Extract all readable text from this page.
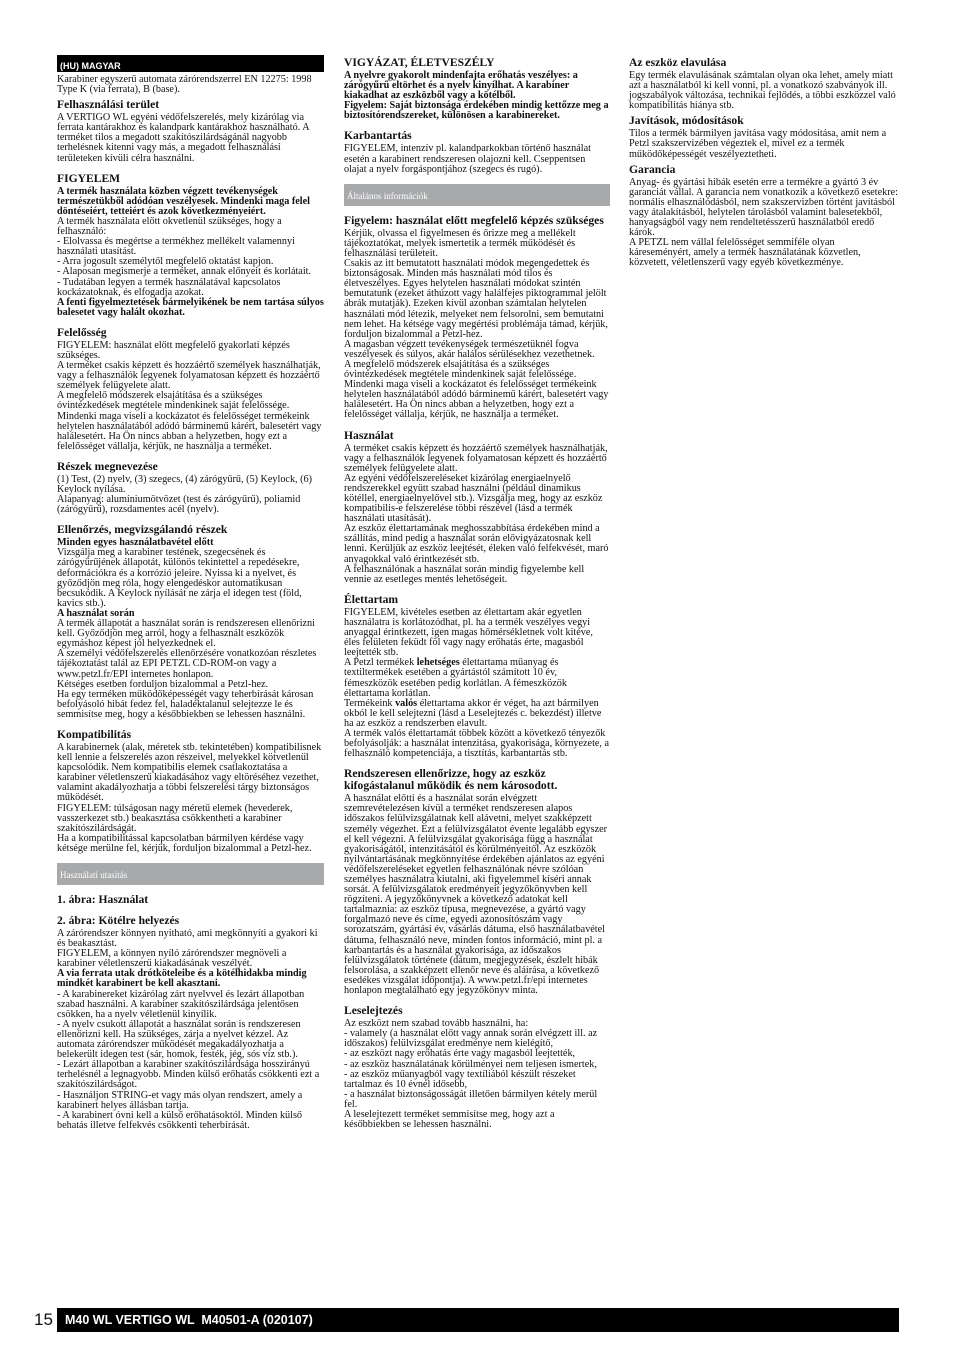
(HU) MAGYAR

Karabiner egyszerű automata zárórendszerrel EN 12275: 1998 Type K (via ferrata), B (base).

Felhasználási terület

A VERTIGO WL egyéni védőfelszerelés, mely kizárólag via ferrata kantárakhoz és kalandpark kantárakhoz használható. A terméket tilos a megadott szakítószilárdságánál nagyobb terhelésnek kitenni vagy más, a megadott felhasználási területeken kívüli célra használni.

FIGYELEM

A termék használata közben végzett tevékenységek természetükből adódóan veszélyesek. Mindenki maga felel döntéseiért, tetteiért és azok következményeiért.

A termék használata előtt okvetlenül szükséges, hogy a felhasználó:
- Elolvassa és megértse a termékhez mellékelt valamennyi használati utasítást.
- Arra jogosult személytől megfelelő oktatást kapjon.
- Alaposan megismerje a terméket, annak előnyeit és korlátait.
- Tudatában legyen a termék használatával kapcsolatos kockázatoknak, és elfogadja azokat.

A fenti figyelmeztetések bármelyikének be nem tartása súlyos balesetet vagy halált okozhat.

Felelősség

FIGYELEM: használat előtt megfelelő gyakorlati képzés szükséges.
A terméket csakis képzett és hozzáértő személyek használhatják, vagy a felhasználók legyenek folyamatosan képzett és hozzáértő személyek felügyelete alatt.
A megfelelő módszerek elsajátítása és a szükséges óvintézkedések megtétele mindenkinek saját felelőssége.
Mindenki maga viseli a kockázatot és felelősséget termékeink helytelen használatából adódó bárminemű kárért, balesetért vagy halálesetért. Ha Ön nincs abban a helyzetben, hogy ezt a felelősséget vállalja, kérjük, ne használja a terméket.

Részek megnevezése

(1) Test, (2) nyelv, (3) szegecs, (4) zárógyűrű, (5) Keylock, (6) Keylock nyílása.
Alapanyag: alumíniumötvözet (test és zárógyűrű), poliamid (zárógyűrű), rozsdamentes acél (nyelv).

Ellenőrzés, megvizsgálandó részek

Minden egyes használatbavétel előtt

Vizsgálja meg a karabiner testének, szegecsének és zárógyűrűjének állapotát, különös tekintettel a repedésekre, deformációkra és a korrózió jeleire. Nyissa ki a nyelvet, és győződjön meg róla, hogy elengedéskor automatikusan becsukódik. A Keylock nyílását ne zárja el idegen test (föld, kavics stb.).

A használat során

A termék állapotát a használat során is rendszeresen ellenőrizni kell. Győződjön meg arról, hogy a felhasznált eszközök egymáshoz képest jól helyezkednek el.
A személyi védőfelszerelés ellenőrzésére vonatkozóan részletes tájékoztatást talál az EPI PETZL CD-ROM-on vagy a www.petzl.fr/EPI internetes honlapon.
Kétséges esetben forduljon bizalommal a Petzl-hez.
Ha egy terméken működőképességét vagy teherbírását károsan befolyásoló hibát fedez fel, haladéktalanul selejtezze le és semmisítse meg, hogy a későbbiekben se lehessen használni.

Kompatibilitás

A karabinernek (alak, méretek stb. tekintetében) kompatibilisnek kell lennie a felszerelés azon részeivel, melyekkel kötvetlenül kapcsolódik. Nem kompatibilis elemek csatlakoztatása a karabiner véletlenszerű kiakadásához vagy eltöréséhez vezethet, valamint akadályozhatja a többi felszerelési tárgy biztonságos működését.
FIGYELEM: túlságosan nagy méretű elemek (hevederek, vasszerkezet stb.) beakasztása csökkentheti a karabiner szakítószilárdságát.
Ha a kompatibilitással kapcsolatban bármilyen kérdése vagy kétsége merülne fel, kérjük, forduljon bizalommal a Petzl-hez.

Használati utasítás
1. ábra: Használat
2. ábra: Kötélre helyezés

A zárórendszer könnyen nyitható, ami megkönnyíti a gyakori ki és beakasztást.
FIGYELEM, a könnyen nyíló zárórendszer megnöveli a karabiner véletlenszerű kiakadásának veszélyét.

A via ferrata utak drótköteleibe és a kötélhidakba mindig mindkét karabinert be kell akasztani.

- A karabinereket kizárólag zárt nyelvvel és lezárt állapotban szabad használni. A karabiner szakítószilárdsága jelentősen csökken, ha a nyelv véletlenül kinyílik.
- A nyelv csukott állapotát a használat során is rendszeresen ellenőrizni kell. Ha szükséges, zárja a nyelvet kézzel. Az automata zárórendszer működését megakadályozhatja a belekerült idegen test (sár, homok, festék, jég, sós víz stb.).
- Lezárt állapotban a karabiner szakítószilárdsága hosszirányú terhelésnél a legnagyobb. Minden külső erőhatás csökkenti ezt a szakítószilárdságot.
- Használjon STRING-et vagy más olyan rendszert, amely a karabinert helyes állásban tartja.
- A karabinert óvni kell a külső erőhatásoktól. Minden külső behatás illetve felfekvés csökkenti teherbírását.

VIGYÁZAT, ÉLETVESZÉLY

A nyelvre gyakorolt mindenfajta erőhatás veszélyes: a zárógyűrű eltörhet és a nyelv kinyílhat. A karabiner kiakadhat az eszközből vagy a kötélből.
Figyelem: Saját biztonsága érdekében mindig kettőzze meg a biztosítórendszereket, különösen a karabinereket.

Karbantartás

FIGYELEM, intenzív pl. kalandparkokban történő használat esetén a karabinert rendszeresen olajozni kell. Cseppentsen olajat a nyelv forgáspontjához (szegecs és rugó).

Általános információk
Figyelem: használat előtt megfelelő képzés szükséges

Kérjük, olvassa el figyelmesen és őrizze meg a mellékelt tájékoztatókat, melyek ismertetik a termék működését és felhasználási területeit.
Csakis az itt bemutatott használati módok megengedettek és biztonságosak. Minden más használati mód tilos és életveszélyes. Egyes helytelen használati módokat szintén bemutatunk (ezeket áthúzott vagy halálfejes piktogrammal jelölt ábrák mutatják). Ezeken kívül azonban számtalan helytelen használati mód létezik, melyeket nem felsorolni, sem bemutatni nem lehet. Ha kétsége vagy megértési problémája támad, kérjük, forduljon bizalommal a Petzl-hez.
A magasban végzett tevékenységek természetüknél fogva veszélyesek és súlyos, akár halálos sérülésekhez vezethetnek.
A megfelelő módszerek elsajátítása és a szükséges óvintézkedések megtétele mindenkinek saját felelőssége.
Mindenki maga viseli a kockázatot és felelősséget termékeink helytelen használatából adódó bárminemű kárért, balesetért vagy halálesetért. Ha Ön nincs abban a helyzetben, hogy ezt a felelősséget vállalja, kérjük, ne használja a terméket.

Használat

A terméket csakis képzett és hozzáértő személyek használhatják, vagy a felhasználók legyenek folyamatosan képzett és hozzáértő személyek felügyelete alatt.
Az egyéni védőfelszereléseket kizárólag energiaelnyelő rendszerekkel együtt szabad használni (például dinamikus kötéllel, energiaelnyelővel stb.). Vizsgálja meg, hogy az eszköz kompatibilis-e felszerelése többi részével (lásd a termék használati utasítását).
Az eszköz élettartamának meghosszabbítása érdekében mind a szállítás, mind pedig a használat során elővigyázatosnak kell lenni. Kerüljük az eszköz leejtését, éleken való felfekvését, maró anyagokkal való érintkezését stb.
A felhasználónak a használat során mindig figyelembe kell vennie az esetleges mentés lehetőségeit.

Élettartam

FIGYELEM, kivételes esetben az élettartam akár egyetlen használatra is korlátozódhat, pl. ha a termék veszélyes vegyi anyaggal érintkezett, igen magas hőmérsékletnek volt kitéve, éles felületen feküdt föl vagy nagy erőhatás érte, magasból leejtették stb.

A Petzl termékek lehetséges élettartama műanyag és textiltermékek esetében a gyártástól számított 10 év, fémeszközök esetében pedig korlátlan. A fémeszközök élettartama korlátlan.

Termékeink valós élettartama akkor ér véget, ha azt bármilyen okból le kell selejtezni (lásd a Leselejtezés c. bekezdést) illetve ha az eszköz a rendszerben elavult.
A termék valós élettartamát többek között a következő tényezők befolyásolják: a használat intenzitása, gyakorisága, környezete, a felhasználó kompetenciája, a tisztítás, karbantartás stb.

Rendszeresen ellenőrizze, hogy az eszköz kifogástalanul működik és nem károsodott.

A használat előtti és a használat során elvégzett szemrevételezésen kívül a terméket rendszeresen alapos időszakos felülvizsgálatnak kell alávetni, melyet szakképzett személy végezhet. Ezt a felülvizsgálatot évente legalább egyszer el kell végezni. A felülvizsgálat gyakorisága függ a használat gyakoriságától, intenzitásától és körülményeitől. Az eszközök nyilvántartásának megkönnyítése érdekében ajánlatos az egyéni védőfelszereléseket egyetlen felhasználónak névre szólóan személyes használatra kiutalni, aki figyelemmel kíséri annak sorsát. A felülvizsgálatok eredményeit jegyzőkönyvben kell rögzíteni. A jegyzőkönyvnek a következő adatokat kell tartalmaznia: az eszköz típusa, megnevezése, a gyártó vagy forgalmazó neve és címe, egyedi azonosítószám vagy sorozatszám, gyártási év, vásárlás dátuma, első használatbavétel dátuma, felhasználó neve, minden fontos információ, mint pl. a karbantartás és a használat gyakorisága, az időszakos felülvizsgálatok története (dátum, megjegyzések, észlelt hibák felsorolása, a szakképzett ellenőr neve és aláírása, a következő esedékes vizsgálat időpontja). A www.petzl.fr/epi internetes honlapon megtalálható egy jegyzőkönyv minta.

Leselejtezés

Az eszközt nem szabad tovább használni, ha:
- valamely (a használat előtt vagy annak során elvégzett ill. az időszakos) felülvizsgálat eredménye nem kielégítő,
- az eszközt nagy erőhatás érte vagy magasból leejtették,
- az eszköz használatának körülményei nem teljesen ismertek,
- az eszköz műanyagból vagy textíliából készült részeket tartalmaz és 10 évnél idősebb,
- a használat biztonságosságát illetően bármilyen kétely merül fel.
A leselejtezett terméket semmisítse meg, hogy azt a későbbiekben se lehessen használni.

Az eszköz elavulása

Egy termék elavulásának számtalan olyan oka lehet, amely miatt azt a használatból ki kell vonni, pl. a vonatkozó szabványok ill. jogszabályok változása, technikai fejlődés, a többi eszközzel való kompatibilitás hiánya stb.

Javítások, módosítások

Tilos a termék bármilyen javítása vagy módosítása, amit nem a Petzl szakszervizében végeztek el, mivel ez a termék működőképességét veszélyeztetheti.

Garancia

Anyag- és gyártási hibák esetén erre a termékre a gyártó 3 év garanciát vállal. A garancia nem vonatkozik a következő esetekre: normális elhasználódásból, nem szakszervizben történt javításból vagy átalakításból, helytelen tárolásból valamint balesetekből, hanyagságból vagy nem rendeltetésszerű használatból eredő károk.
A PETZL nem vállal felelősséget semmiféle olyan káreseményért, amely a termék használatának közvetlen, közvetett, véletlenszerű vagy egyéb következménye.

15 M40 WL VERTIGO WL  M40501-A (020107)
